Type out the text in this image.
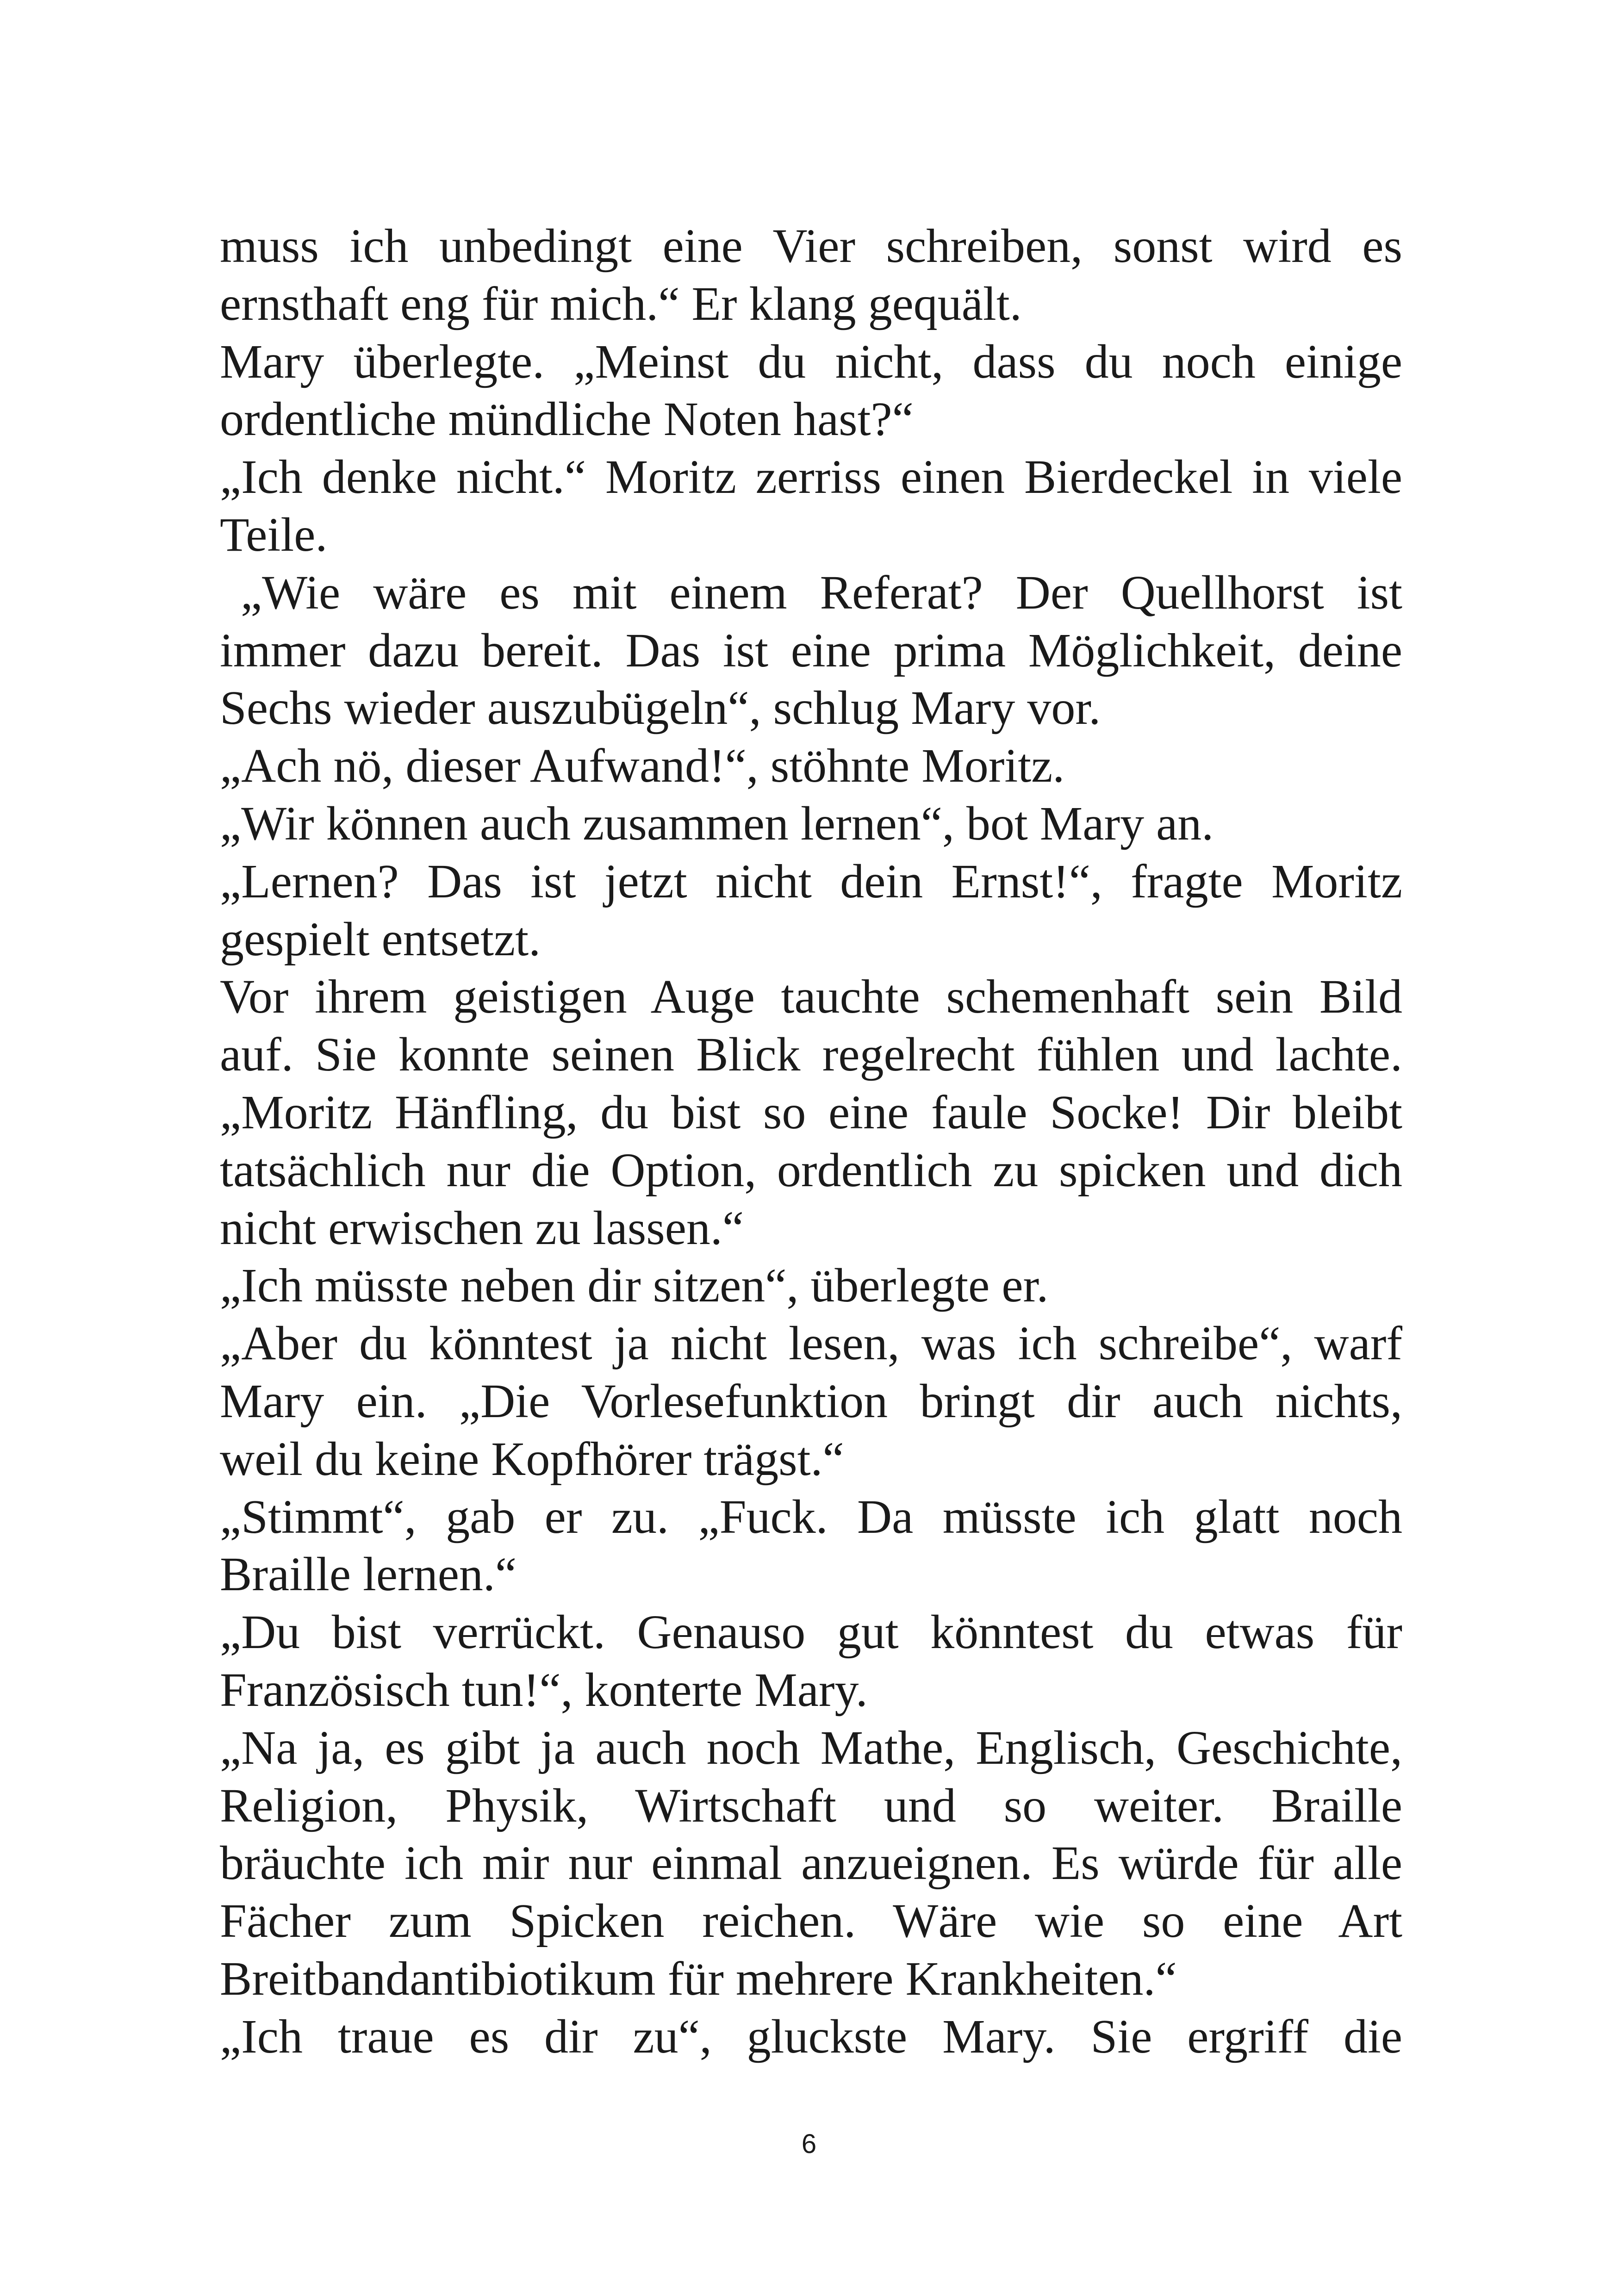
muss ich unbedingt eine Vier schreiben, sonst wird es
ernsthaft eng für mich.“ Er klang gequält.
Mary überlegte. „Meinst du nicht, dass du noch einige
ordentliche mündliche Noten hast?“
„Ich denke nicht.“ Moritz zerriss einen Bierdeckel in viele
Teile.
„Wie wäre es mit einem Referat? Der Quellhorst ist
immer dazu bereit. Das ist eine prima Möglichkeit, deine
Sechs wieder auszubügeln“, schlug Mary vor.
„Ach nö, dieser Aufwand!“, stöhnte Moritz.
„Wir können auch zusammen lernen“, bot Mary an.
„Lernen? Das ist jetzt nicht dein Ernst!“, fragte Moritz
gespielt entsetzt.
Vor ihrem geistigen Auge tauchte schemenhaft sein Bild
auf. Sie konnte seinen Blick regelrecht fühlen und lachte.
„Moritz Hänfling, du bist so eine faule Socke! Dir bleibt
tatsächlich nur die Option, ordentlich zu spicken und dich
nicht erwischen zu lassen.“
„Ich müsste neben dir sitzen“, überlegte er.
„Aber du könntest ja nicht lesen, was ich schreibe“, warf
Mary ein. „Die Vorlesefunktion bringt dir auch nichts,
weil du keine Kopfhörer trägst.“
„Stimmt“, gab er zu. „Fuck. Da müsste ich glatt noch
Braille lernen.“
„Du bist verrückt. Genauso gut könntest du etwas für
Französisch tun!“, konterte Mary.
„Na ja, es gibt ja auch noch Mathe, Englisch, Geschichte,
Religion, Physik, Wirtschaft und so weiter. Braille
bräuchte ich mir nur einmal anzueignen. Es würde für alle
Fächer zum Spicken reichen. Wäre wie so eine Art
Breitbandantibiotikum für mehrere Krankheiten.“
„Ich traue es dir zu“, gluckste Mary. Sie ergriff die
6
